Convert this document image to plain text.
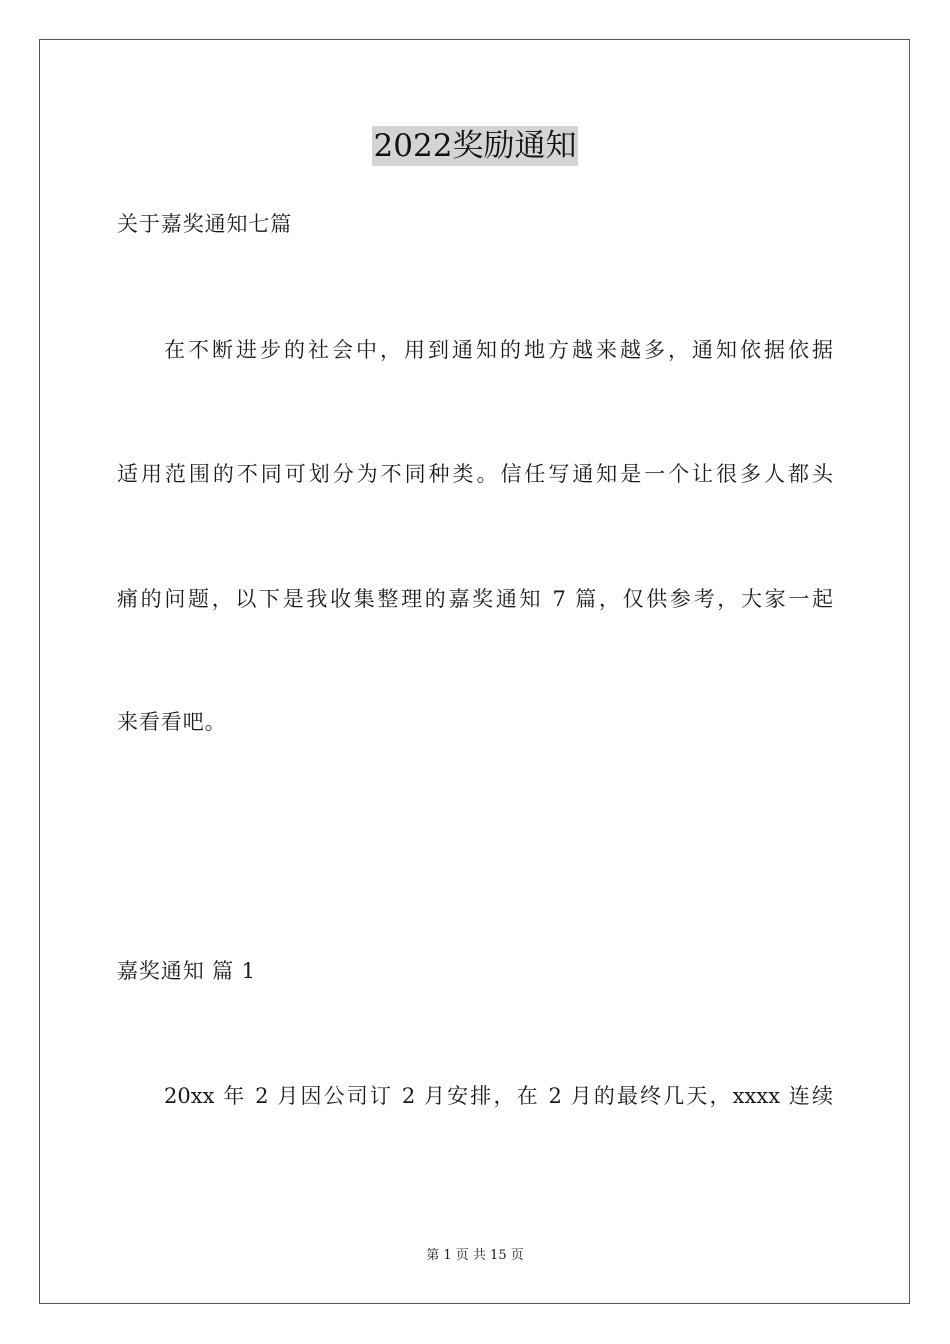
2022奖励通知
关于嘉奖通知七篇
在不断进步的社会中，用到通知的地方越来越多，通知依据依据
适用范围的不同可划分为不同种类。信任写通知是一个让很多人都头
痛的问题，以下是我收集整理的嘉奖通知 7 篇，仅供参考，大家一起
来看看吧。
嘉奖通知 篇 1
20xx 年 2 月因公司订 2 月安排，在 2 月的最终几天，xxxx 连续
第 1 页 共 15 页
